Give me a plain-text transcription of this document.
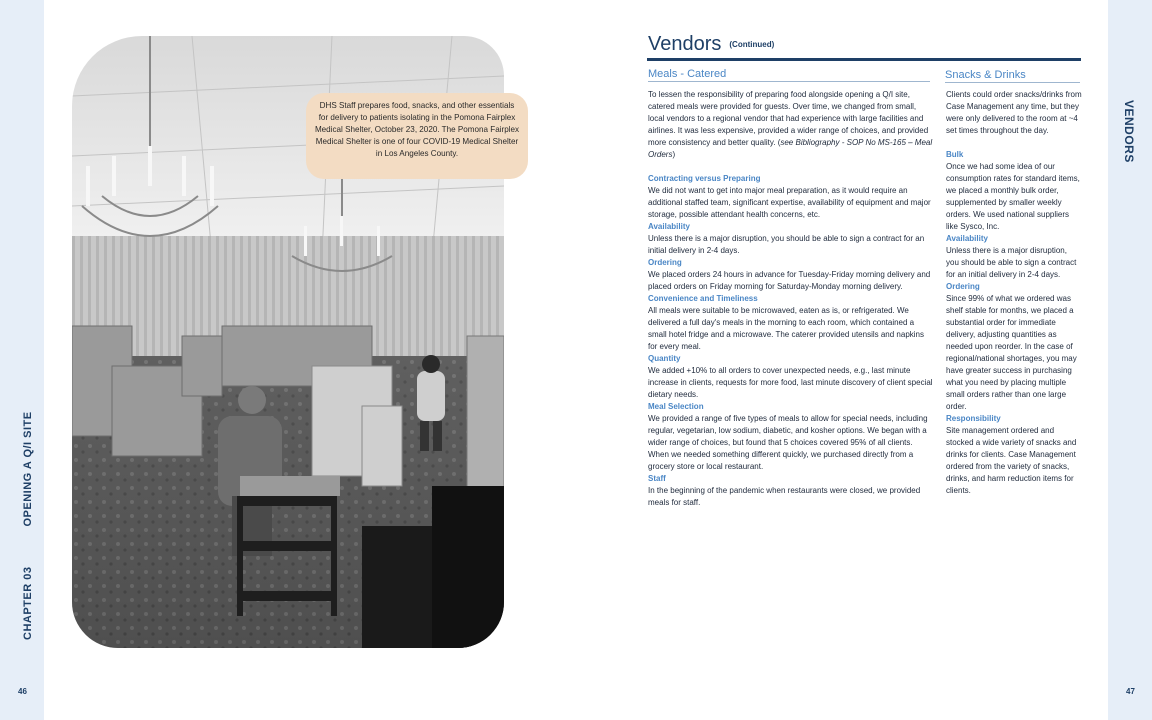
CHAPTER 03OPENING A Q/I SITE
46
VENDORS
47
DHS Staff prepares food, snacks, and other essentials for delivery to patients isolating in the Pomona Fairplex Medical Shelter, October 23, 2020. The Pomona Fairplex Medical Shelter is one of four COVID-19 Medical Shelter in Los Angeles County.
Vendors (Continued)
Meals - Catered	Snacks & Drinks

To lessen the responsibility of preparing food alongside opening a Q/I site, catered meals were provided for guests. Over time, we changed from small, local vendors to a regional vendor that had experience with large facilities and airlines. It was less expensive, provided a wider range of choices, and provided more consistency and better quality. (see Bibliography - SOP No MS-165 – Meal Orders)

Contracting versus Preparing

We did not want to get into major meal preparation, as it would require an additional staffed team, significant expertise, availability of equipment and major storage, possible attendant health concerns, etc.

Availability

Unless there is a major disruption, you should be able to sign a contract for an initial delivery in 2-4 days.

Ordering

We placed orders 24 hours in advance for Tuesday-Friday morning delivery and placed orders on Friday morning for Saturday-Monday morning delivery.

Convenience and Timeliness

All meals were suitable to be microwaved, eaten as is, or refrigerated. We delivered a full day's meals in the morning to each room, which contained a small hotel fridge and a microwave. The caterer provided utensils and napkins for every meal.

Quantity

We added +10% to all orders to cover unexpected needs, e.g., last minute increase in clients, requests for more food, last minute discovery of client special dietary needs.

Meal Selection

We provided a range of five types of meals to allow for special needs, including regular, vegetarian, low sodium, diabetic, and kosher options. We began with a wider range of choices, but found that 5 choices covered 95% of all clients. When we needed something different quickly, we purchased directly from a grocery store or local restaurant.

Staff

In the beginning of the pandemic when restaurants were closed, we provided meals for staff.

Clients could order snacks/drinks from Case Management any time, but they were only delivered to the room at ~4 set times throughout the day.

Bulk

Once we had some idea of our consumption rates for standard items, we placed a monthly bulk order, supplemented by smaller weekly orders. We used national suppliers like Sysco, Inc.

Availability

Unless there is a major disruption, you should be able to sign a contract for an initial delivery in 2-4 days.

Ordering

Since 99% of what we ordered was shelf stable for months, we placed a substantial order for immediate delivery, adjusting quantities as needed upon reorder. In the case of regional/national shortages, you may have greater success in purchasing what you need by placing multiple small orders rather than one large order.

Responsibility

Site management ordered and stocked a wide variety of snacks and drinks for clients. Case Management ordered from the variety of snacks, drinks, and harm reduction items for clients.
